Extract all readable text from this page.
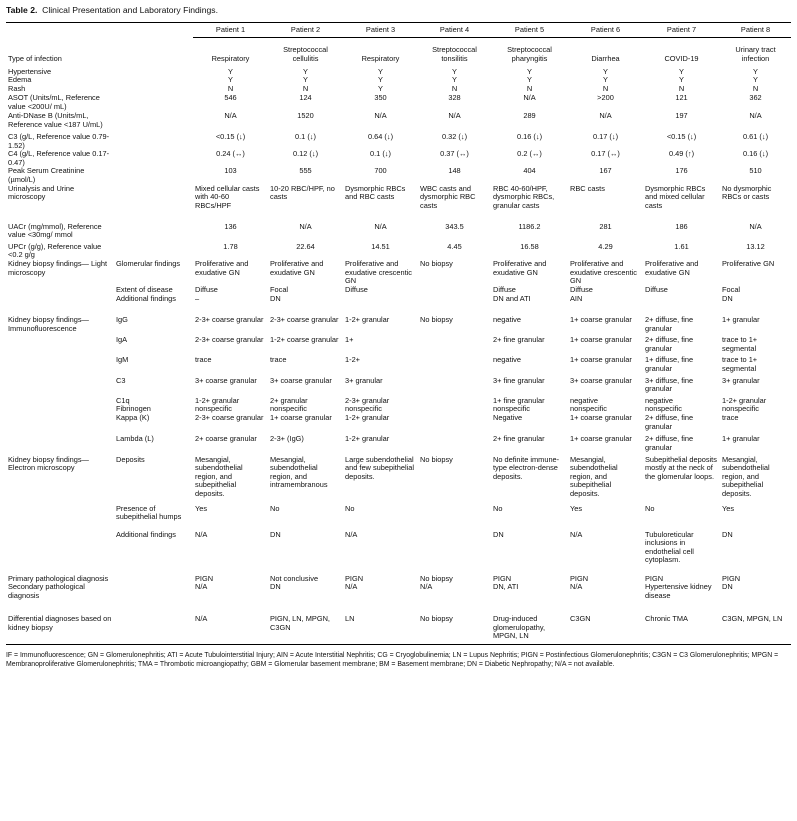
Table 2. Clinical Presentation and Laboratory Findings.
		Patient 1	Patient 2	Patient 3	Patient 4	Patient 5	Patient 6	Patient 7	Patient 8
Type of infection		Respiratory	Streptococcal cellulitis	Respiratory	Streptococcal tonsilitis	Streptococcal pharyngitis	Diarrhea	COVID-19	Urinary tract infection
Hypertensive		Y	Y	Y	Y	Y	Y	Y	Y
Edema		Y	Y	Y	Y	Y	Y	Y	Y
Rash		N	N	Y	N	N	N	N	N
ASOT (Units/mL, Reference value <200U/ mL)		546	124	350	328	N/A	>200	121	362
Anti-DNase B (Units/mL, Reference value <187 U/mL)		N/A	1520	N/A	N/A	289	N/A	197	N/A
C3 (g/L, Reference value 0.79-1.52)		<0.15 (↓)	0.1 (↓)	0.64 (↓)	0.32 (↓)	0.16 (↓)	0.17 (↓)	<0.15 (↓)	0.61 (↓)
C4 (g/L, Reference value 0.17-0.47)		0.24 (↔)	0.12 (↓)	0.1 (↓)	0.37 (↔)	0.2 (↔)	0.17 (↔)	0.49 (↑)	0.16 (↓)
Peak Serum Creatinine (µmol/L)		103	555	700	148	404	167	176	510
Urinalysis and Urine microscopy		Mixed cellular casts with 40-60 RBCs/HPF	10-20 RBC/HPF, no casts	Dysmorphic RBCs and RBC casts	WBC casts and dysmorphic RBC casts	RBC 40-60/HPF, dysmorphic RBCs, granular casts	RBC casts	Dysmorphic RBCs and mixed cellular casts	No dysmorphic RBCs or casts
UACr (mg/mmol), Reference value <30mg/ mmol		136	N/A	N/A	343.5	1186.2	281	186	N/A
UPCr (g/g), Reference value <0.2 g/g		1.78	22.64	14.51	4.45	16.58	4.29	1.61	13.12
Kidney biopsy findings— Light microscopy	Glomerular findings	Proliferative and exudative GN	Proliferative and exudative GN	Proliferative and exudative crescentic GN	No biopsy	Proliferative and exudative GN	Proliferative and exudative crescentic GN	Proliferative and exudative GN	Proliferative GN
	Extent of disease	Diffuse	Focal	Diffuse		Diffuse	Diffuse	Diffuse	Focal
	Additional findings	–	DN			DN and ATI	AIN		DN
Kidney biopsy findings— Immunofluorescence	IgG	2-3+ coarse granular	2-3+ coarse granular	1-2+ granular	No biopsy	negative	1+ coarse granular	2+ diffuse, fine granular	1+ granular
	IgA	2-3+ coarse granular	1-2+ coarse granular	1+		2+ fine granular	1+ coarse granular	2+ diffuse, fine granular	trace to 1+ segmental
	IgM	trace	trace	1-2+		negative	1+ coarse granular	1+ diffuse, fine granular	trace to 1+ segmental
	C3	3+ coarse granular	3+ coarse granular	3+ granular		3+ fine granular	3+ coarse granular	3+ diffuse, fine granular	3+ granular
	C1q	1-2+ granular	2+ granular	2-3+ granular		1+ fine granular	negative	negative	1-2+ granular
	Fibrinogen	nonspecific	nonspecific	nonspecific		nonspecific	nonspecific	nonspecific	nonspecific
	Kappa (K)	2-3+ coarse granular	1+ coarse granular	1-2+ granular		Negative	1+ coarse granular	2+ diffuse, fine granular	trace
	Lambda (L)	2+ coarse granular	2-3+ (IgG)	1-2+ granular		2+ fine granular	1+ coarse granular	2+ diffuse, fine granular	1+ granular
Kidney biopsy findings— Electron microscopy	Deposits	Mesangial, subendothelial region, and subepithelial deposits.	Mesangial, subendothelial region, and intramembranous	Large subendothelial and few subepithelial deposits.	No biopsy	No definite immune-type electron-dense deposits.	Mesangial, subendothelial region, and subepithelial deposits.	Subepithelial deposits mostly at the neck of the glomerular loops.	Mesangial, subendothelial region, and subepithelial deposits.
	Presence of subepithelial humps	Yes	No	No		No	Yes	No	Yes
	Additional findings	N/A	DN	N/A		DN	N/A	Tubuloreticular inclusions in endothelial cell cytoplasm.	DN
Primary pathological diagnosis		PIGN	Not conclusive	PIGN	No biopsy	PIGN	PIGN	PIGN	PIGN
Secondary pathological diagnosis		N/A	DN	N/A	N/A	DN, ATI	N/A	Hypertensive kidney disease	DN
Differential diagnoses based on kidney biopsy		N/A	PIGN, LN, MPGN, C3GN	LN	No biopsy	Drug-induced glomerulopathy, MPGN, LN	C3GN	Chronic TMA	C3GN, MPGN, LN
IF = Immunofluorescence; GN = Glomerulonephritis; ATI = Acute Tubulointerstitial Injury; AIN = Acute Interstitial Nephritis; CG = Cryoglobulinemia; LN = Lupus Nephritis; PIGN = Postinfectious Glomerulonephritis; C3GN = C3 Glomerulonephritis; MPGN = Membranoproliferative Glomerulonephritis; TMA = Thrombotic microangiopathy; GBM = Glomerular basement membrane; BM = Basement membrane; DN = Diabetic Nephropathy; N/A = not available.
